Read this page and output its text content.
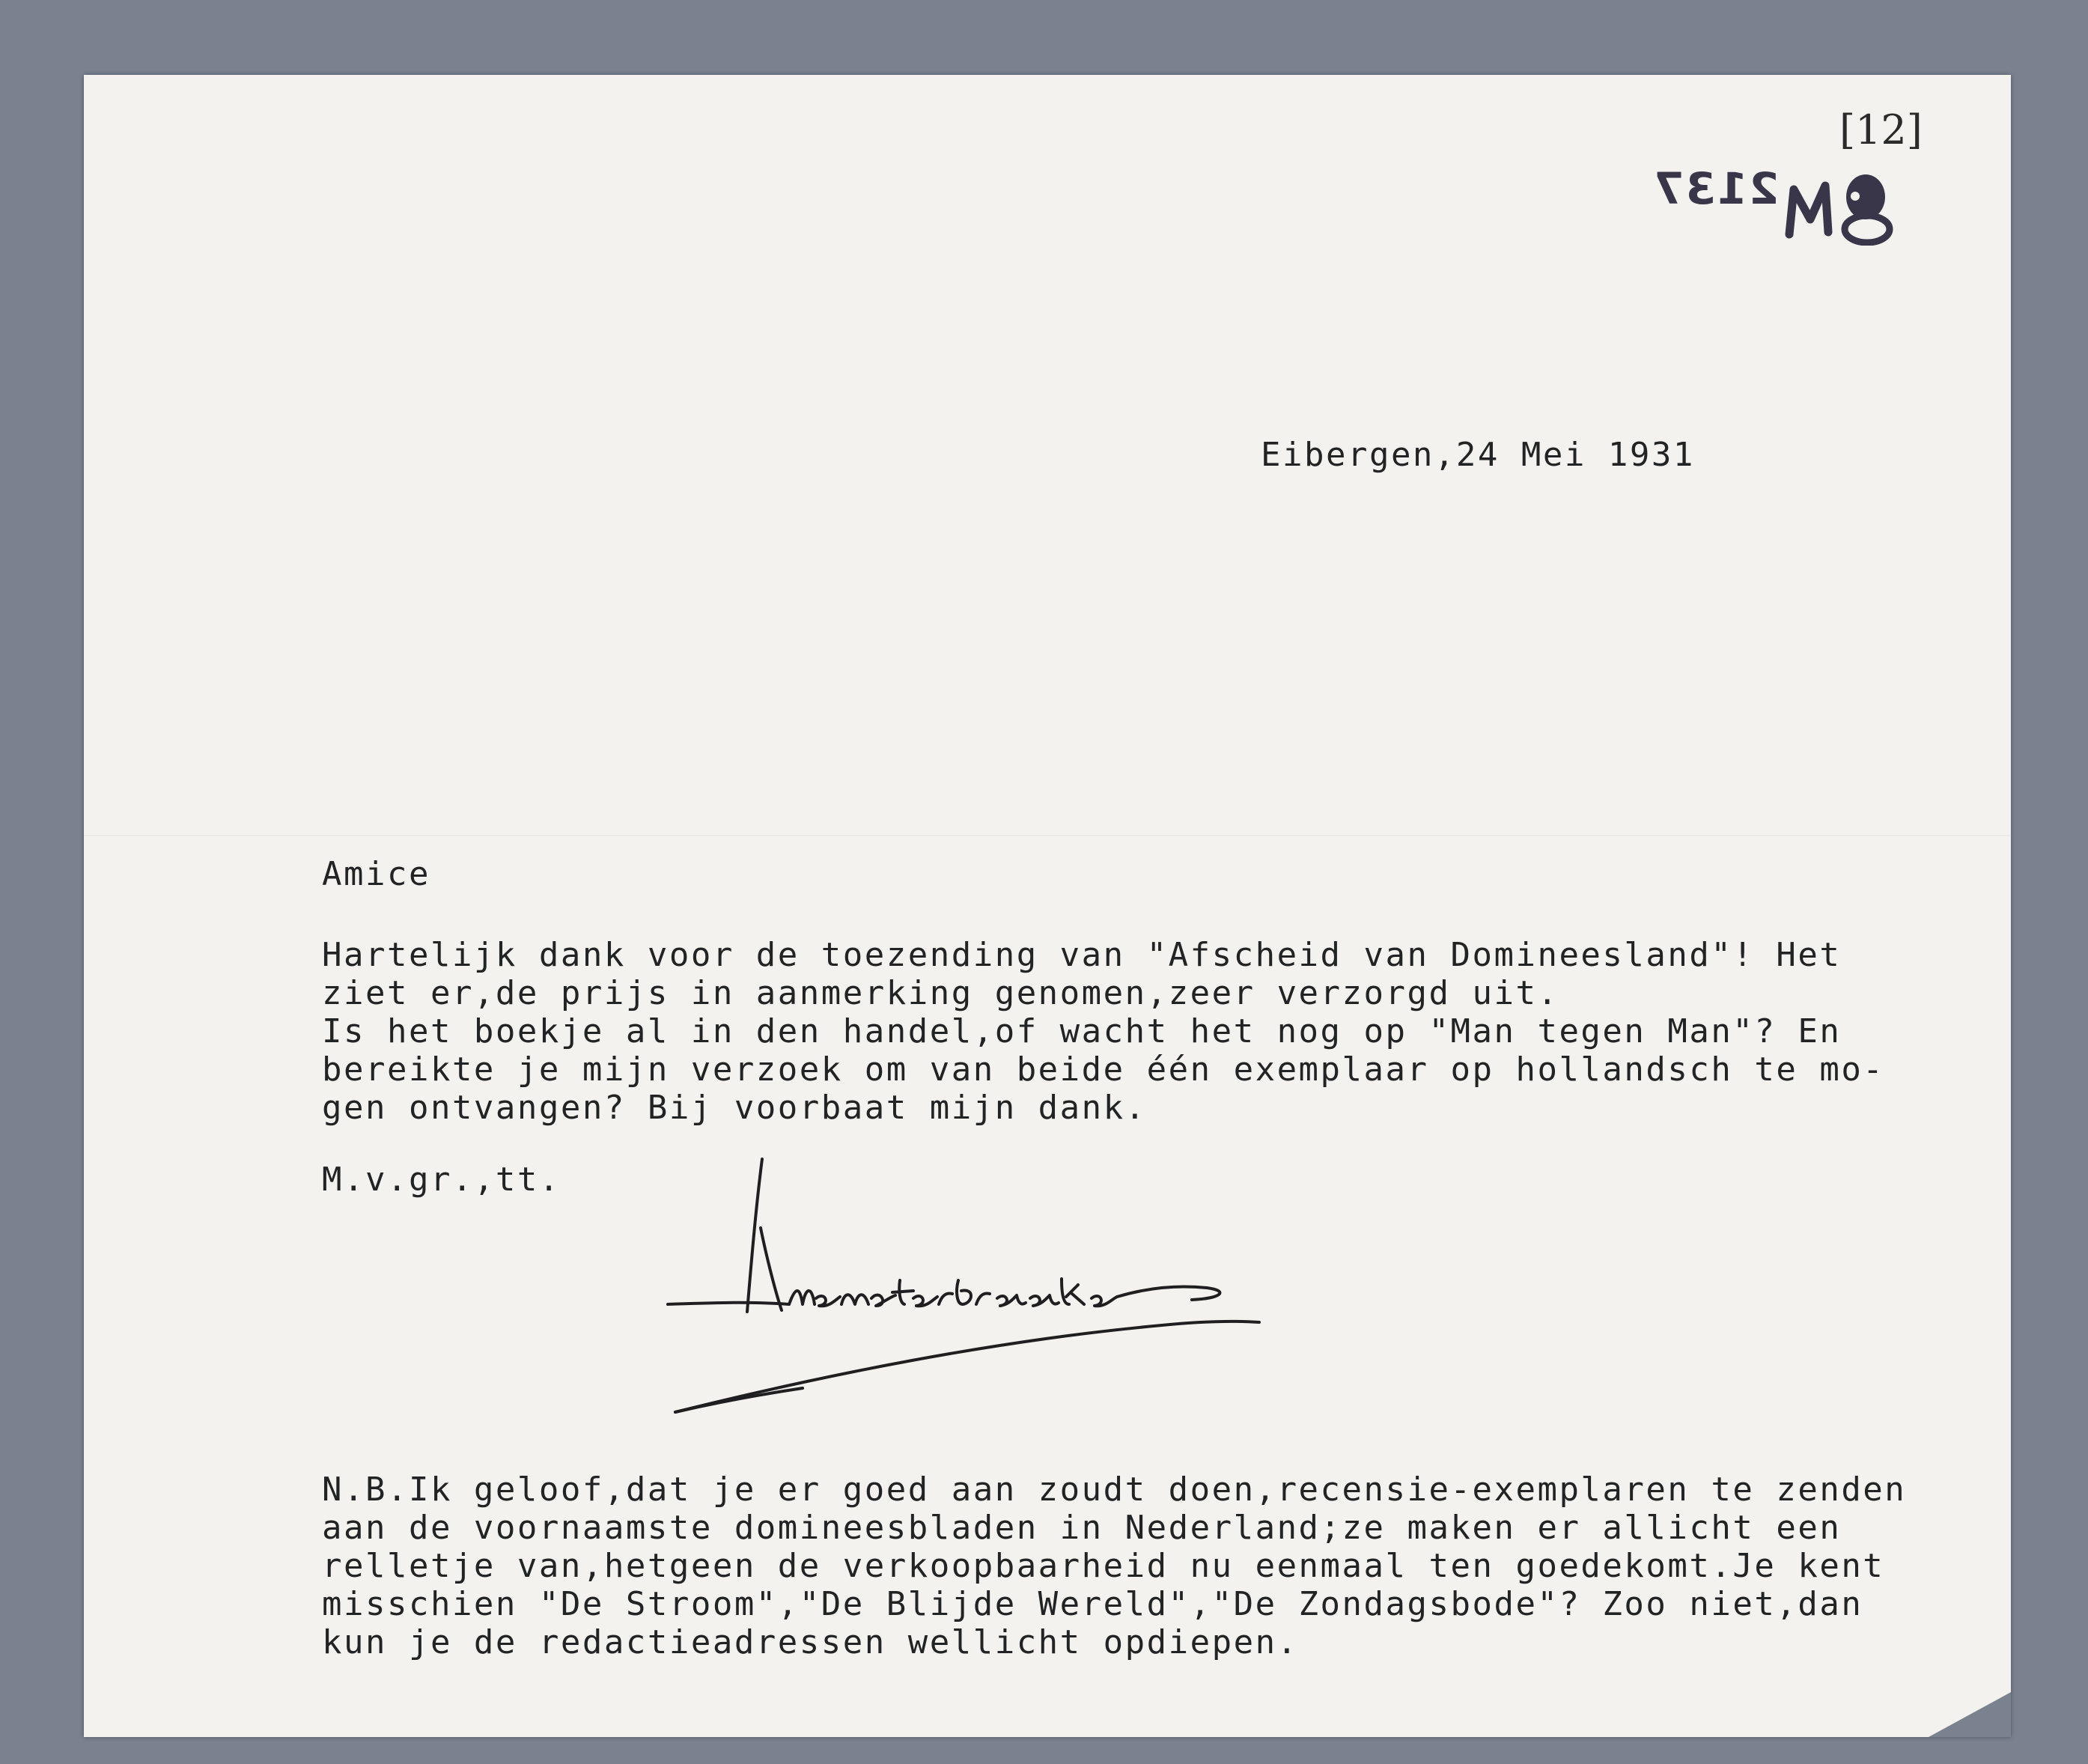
[12]
2137

Eibergen,24 Mei 1931

Amice

Hartelijk dank voor de toezending van "Afscheid van Domineesland"! Het

ziet er,de prijs in aanmerking genomen,zeer verzorgd uit.

Is het boekje al in den handel,of wacht het nog op "Man tegen Man"? En

bereikte je mijn verzoek om van beide één exemplaar op hollandsch te mo-

gen ontvangen? Bij voorbaat mijn dank.

M.v.gr.,tt.

N.B.Ik geloof,dat je er goed aan zoudt doen,recensie-exemplaren te zenden

aan de voornaamste domineesbladen in Nederland;ze maken er allicht een

relletje van,hetgeen de verkoopbaarheid nu eenmaal ten goedekomt.Je kent

misschien "De Stroom","De Blijde Wereld","De Zondagsbode"? Zoo niet,dan

kun je de redactieadressen wellicht opdiepen.
